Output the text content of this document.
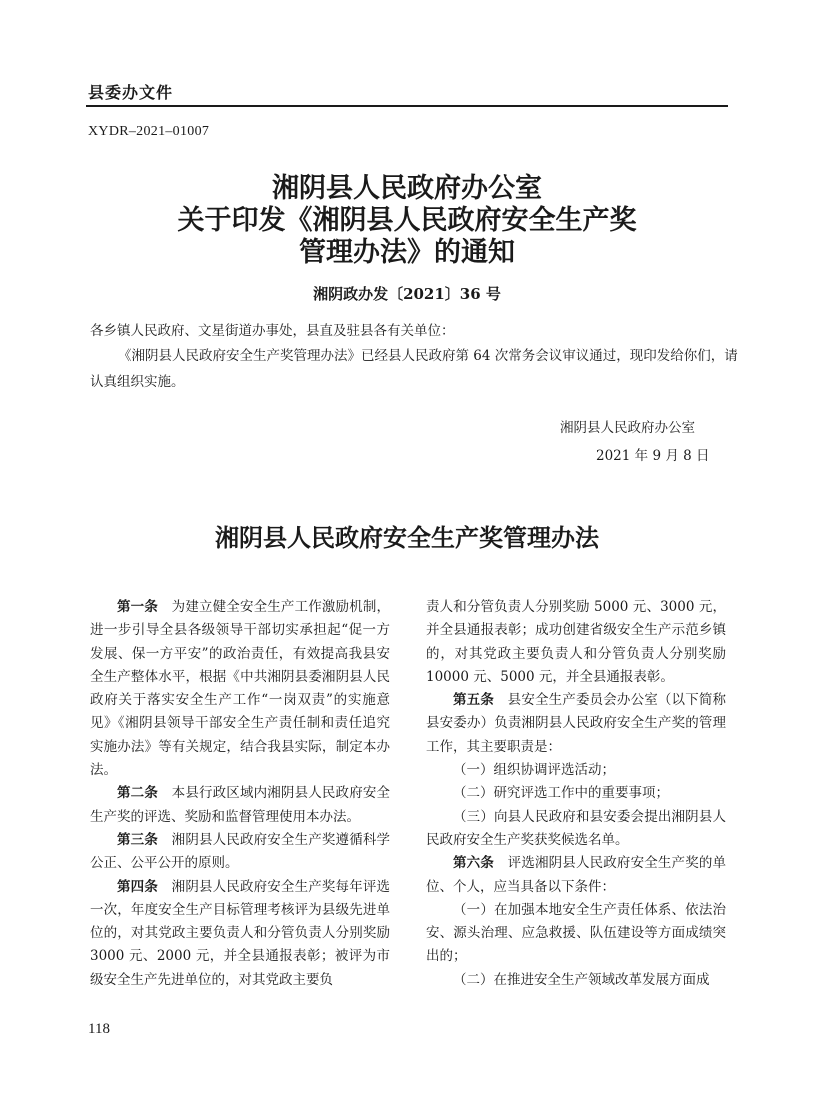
县委办文件
XYDR–2021–01007
湘阴县人民政府办公室
关于印发《湘阴县人民政府安全生产奖
管理办法》的通知
湘阴政办发〔2021〕36 号
各乡镇人民政府、文星街道办事处，县直及驻县各有关单位：
《湘阴县人民政府安全生产奖管理办法》已经县人民政府第 64 次常务会议审议通过，现印发给你们，请认真组织实施。
湘阴县人民政府办公室
2021 年 9 月 8 日
湘阴县人民政府安全生产奖管理办法

第一条　 为建立健全安全生产工作激励机制，进一步引导全县各级领导干部切实承担起“促一方发展、保一方平安”的政治责任，有效提高我县安全生产整体水平，根据《中共湘阴县委湘阴县人民政府关于落实安全生产工作“一岗双责”的实施意见》《湘阴县领导干部安全生产责任制和责任追究实施办法》等有关规定，结合我县实际，制定本办法。

第二条　 本县行政区域内湘阴县人民政府安全生产奖的评选、奖励和监督管理使用本办法。

第三条　 湘阴县人民政府安全生产奖遵循科学公正、公平公开的原则。

第四条　 湘阴县人民政府安全生产奖每年评选一次，年度安全生产目标管理考核评为县级先进单位的，对其党政主要负责人和分管负责人分别奖励 3000 元、2000 元，并全县通报表彰；被评为市级安全生产先进单位的，对其党政主要负

责人和分管负责人分别奖励 5000 元、3000 元，并全县通报表彰；成功创建省级安全生产示范乡镇的，对其党政主要负责人和分管负责人分别奖励 10000 元、5000 元，并全县通报表彰。

第五条　 县安全生产委员会办公室（以下简称县安委办）负责湘阴县人民政府安全生产奖的管理工作，其主要职责是：

（一）组织协调评选活动；

（二）研究评选工作中的重要事项；

（三）向县人民政府和县安委会提出湘阴县人民政府安全生产奖获奖候选名单。

第六条　 评选湘阴县人民政府安全生产奖的单位、个人，应当具备以下条件：

（一）在加强本地安全生产责任体系、依法治安、源头治理、应急救援、队伍建设等方面成绩突出的；

（二）在推进安全生产领域改革发展方面成

118
